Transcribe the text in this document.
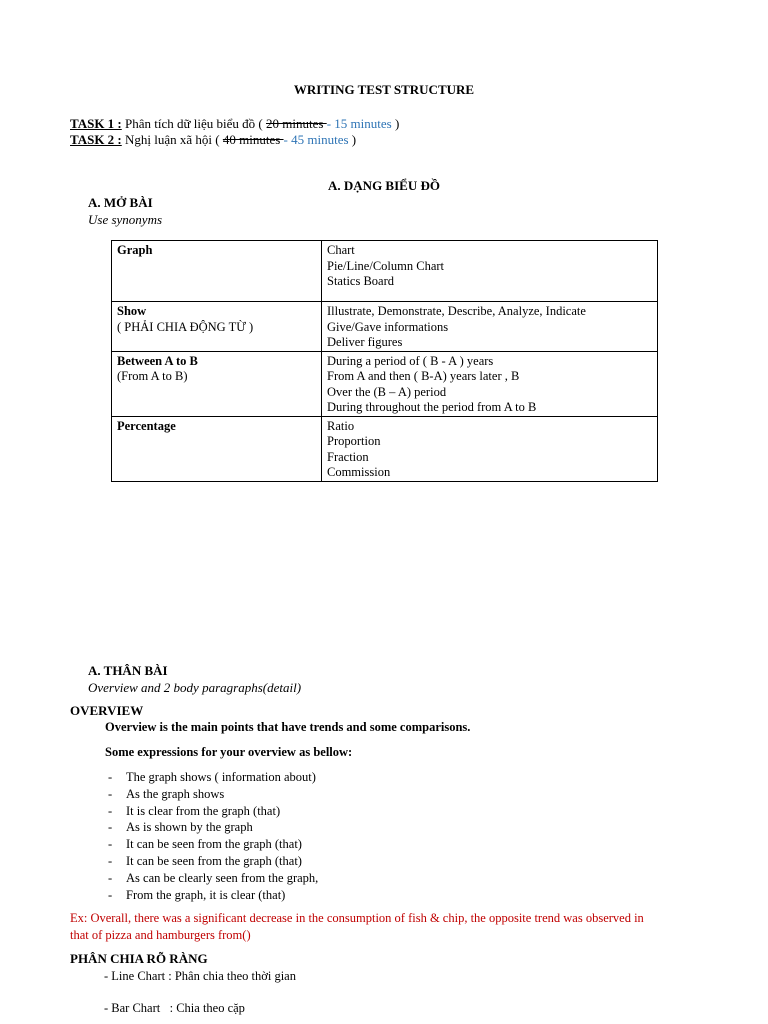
WRITING TEST STRUCTURE
TASK 1 : Phân tích dữ liệu biểu đồ ( 20 minutes - 15 minutes )
TASK 2 : Nghị luận xã hội ( 40 minutes - 45 minutes )
A. DẠNG BIỂU ĐỒ
A. MỞ BÀI
Use synonyms
Graph	Chart
Pie/Line/Column Chart
Statics Board

Show
( PHẢI CHIA ĐỘNG TỪ )	Illustrate, Demonstrate, Describe, Analyze, Indicate
Give/Gave informations
Deliver figures

Between A to B
(From A to B)	During a period of ( B - A ) years
From A and then ( B-A) years later , B
Over the (B – A) period
During throughout the period from A to B

Percentage	Ratio
Proportion
Fraction
Commission
A. THÂN BÀI
Overview and 2 body paragraphs(detail)
OVERVIEW
Overview is the main points that have trends and some comparisons.
Some expressions for your overview as bellow:
- The graph shows ( information about)
- As the graph shows
- It is clear from the graph (that)
- As is shown by the graph
- It can be seen from the graph (that)
- It can be seen from the graph (that)
- As can be clearly seen from the graph,
- From the graph, it is clear (that)
Ex: Overall, there was a significant decrease in the consumption of fish & chip, the opposite trend was observed in
that of pizza and hamburgers from()
PHÂN CHIA RÕ RÀNG
- Line Chart : Phân chia theo thời gian
- Bar Chart   : Chia theo cặp
